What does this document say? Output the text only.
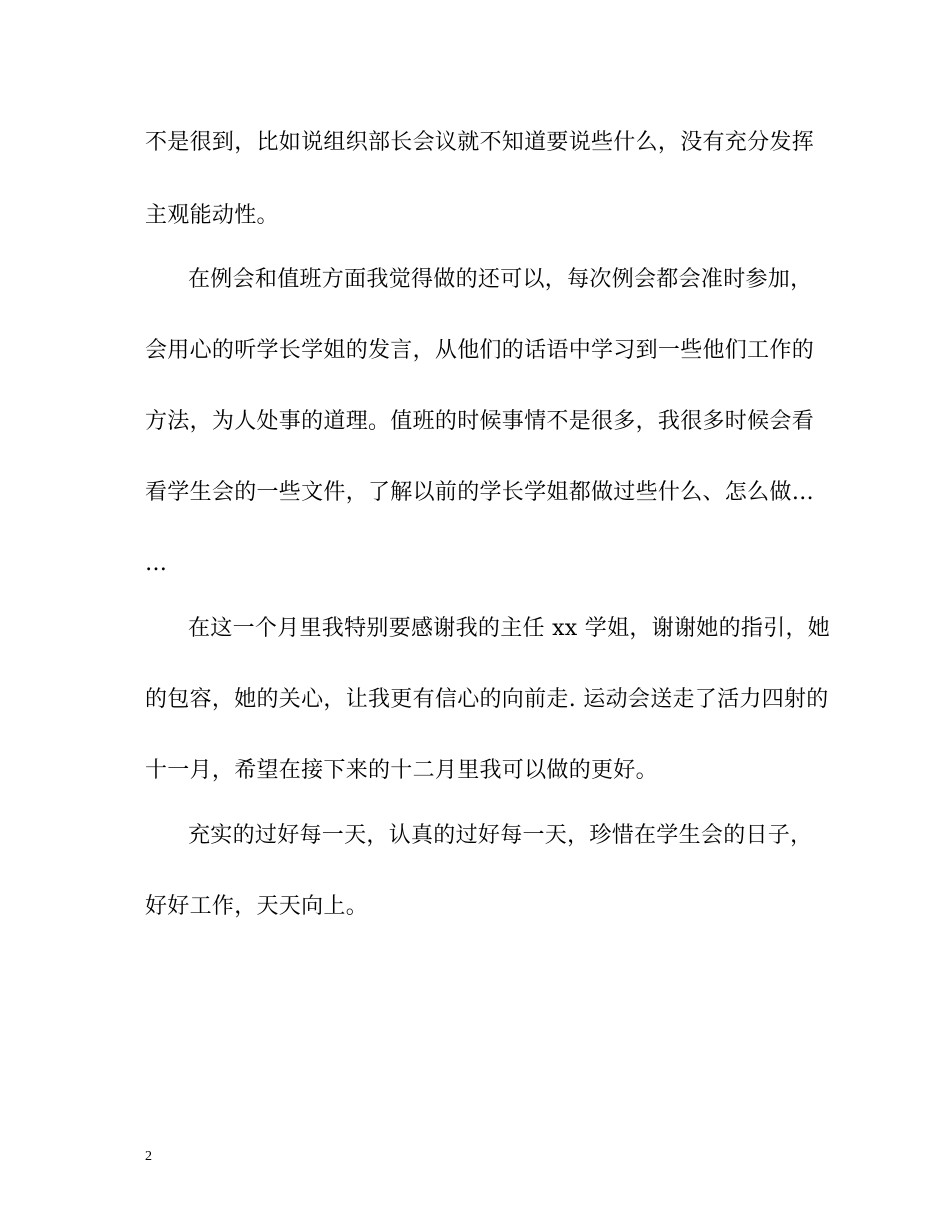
不是很到，比如说组织部长会议就不知道要说些什么，没有充分发挥
主观能动性。
在例会和值班方面我觉得做的还可以，每次例会都会准时参加，
会用心的听学长学姐的发言，从他们的话语中学习到一些他们工作的
方法，为人处事的道理。值班的时候事情不是很多，我很多时候会看
看学生会的一些文件，了解以前的学长学姐都做过些什么、怎么做…
…
在这一个月里我特别要感谢我的主任 xx 学姐，谢谢她的指引，她
的包容，她的关心，让我更有信心的向前走. 运动会送走了活力四射的
十一月，希望在接下来的十二月里我可以做的更好。
充实的过好每一天，认真的过好每一天，珍惜在学生会的日子，
好好工作，天天向上。
2
